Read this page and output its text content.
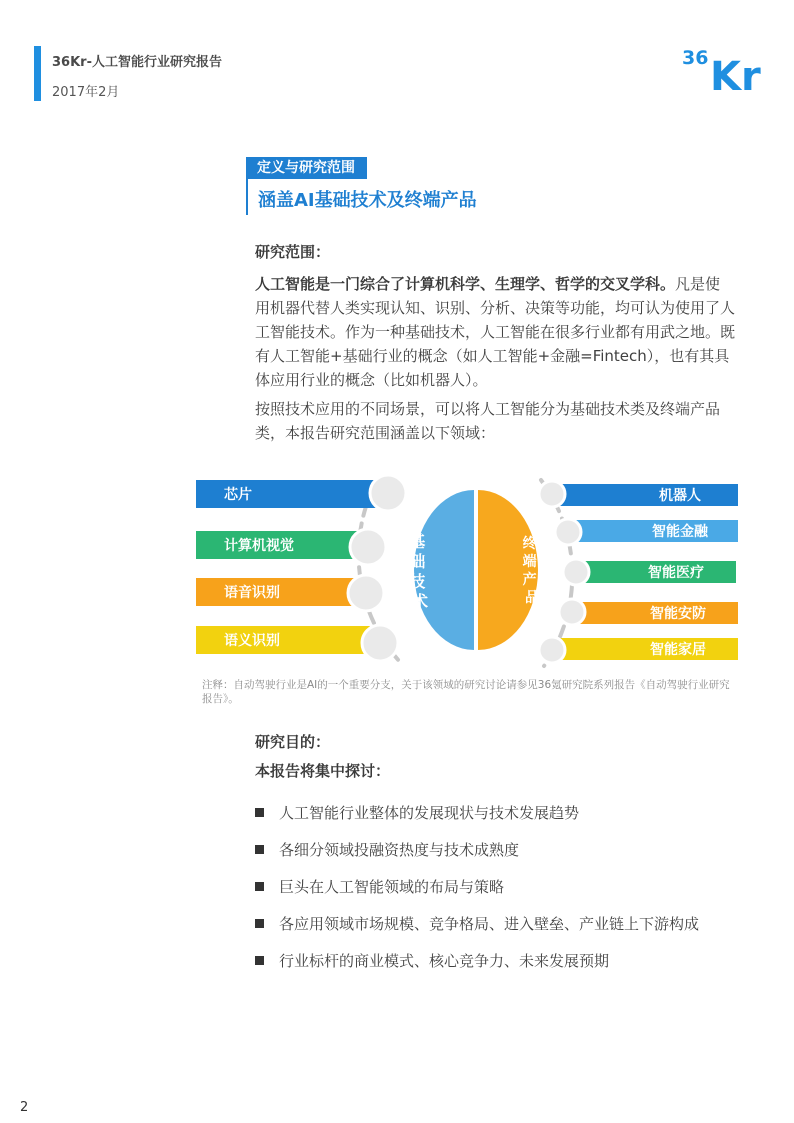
36Kr-人工智能行业研究报告
2017年2月
36 Kr
定义与研究范围
涵盖AI基础技术及终端产品
研究范围：
人工智能是一门综合了计算机科学、生理学、哲学的交叉学科。凡是使用机器代替人类实现认知、识别、分析、决策等功能，均可认为使用了人工智能技术。作为一种基础技术，人工智能在很多行业都有用武之地。既有人工智能+基础行业的概念（如人工智能+金融=Fintech），也有其具体应用行业的概念（比如机器人）。
按照技术应用的不同场景，可以将人工智能分为基础技术类及终端产品类，本报告研究范围涵盖以下领域：
芯片
计算机视觉
语音识别
语义识别
基 础 技 术
终 端 产 品
机器人
智能金融
智能医疗
智能安防
智能家居
注释：自动驾驶行业是AI的一个重要分支，关于该领域的研究讨论请参见36氪研究院系列报告《自动驾驶行业研究报告》。
研究目的：
本报告将集中探讨：
人工智能行业整体的发展现状与技术发展趋势
各细分领域投融资热度与技术成熟度
巨头在人工智能领域的布局与策略
各应用领域市场规模、竞争格局、进入壁垒、产业链上下游构成
行业标杆的商业模式、核心竞争力、未来发展预期
2
